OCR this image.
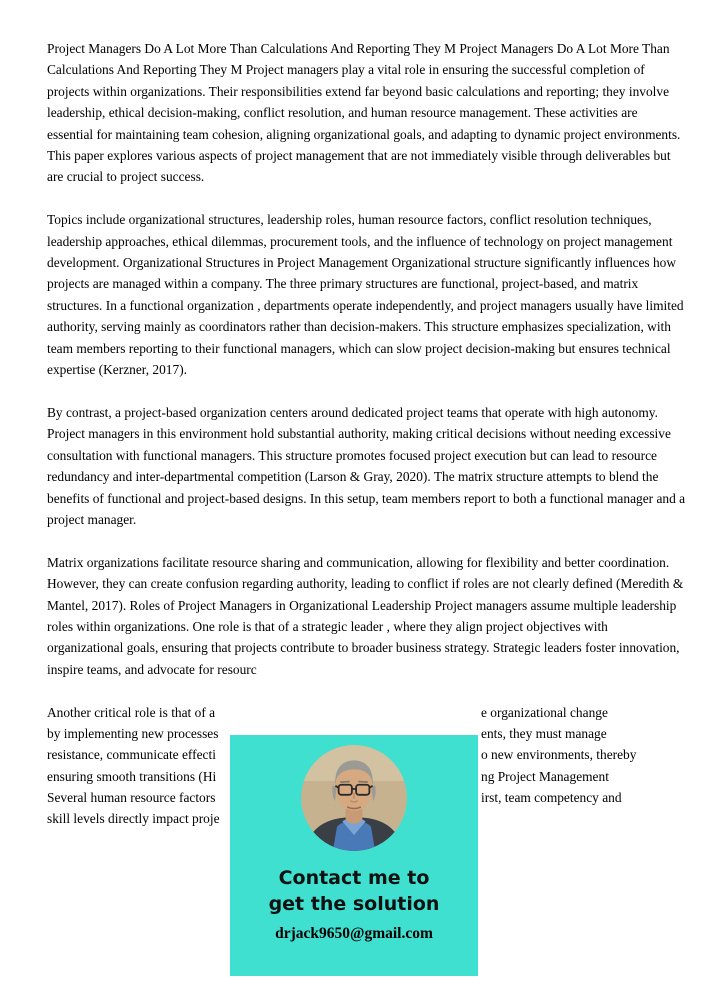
Project Managers Do A Lot More Than Calculations And Reporting They M Project Managers Do A Lot More Than Calculations And Reporting They M Project managers play a vital role in ensuring the successful completion of projects within organizations. Their responsibilities extend far beyond basic calculations and reporting; they involve leadership, ethical decision-making, conflict resolution, and human resource management. These activities are essential for maintaining team cohesion, aligning organizational goals, and adapting to dynamic project environments. This paper explores various aspects of project management that are not immediately visible through deliverables but are crucial to project success.

Topics include organizational structures, leadership roles, human resource factors, conflict resolution techniques, leadership approaches, ethical dilemmas, procurement tools, and the influence of technology on project management development. Organizational Structures in Project Management Organizational structure significantly influences how projects are managed within a company. The three primary structures are functional, project-based, and matrix structures. In a functional organization , departments operate independently, and project managers usually have limited authority, serving mainly as coordinators rather than decision-makers. This structure emphasizes specialization, with team members reporting to their functional managers, which can slow project decision-making but ensures technical expertise (Kerzner, 2017).

By contrast, a project-based organization centers around dedicated project teams that operate with high autonomy. Project managers in this environment hold substantial authority, making critical decisions without needing excessive consultation with functional managers. This structure promotes focused project execution but can lead to resource redundancy and inter-departmental competition (Larson & Gray, 2020). The matrix structure attempts to blend the benefits of functional and project-based designs. In this setup, team members report to both a functional manager and a project manager.

Matrix organizations facilitate resource sharing and communication, allowing for flexibility and better coordination. However, they can create confusion regarding authority, leading to conflict if roles are not clearly defined (Meredith & Mantel, 2017). Roles of Project Managers in Organizational Leadership Project managers assume multiple leadership roles within organizations. One role is that of a strategic leader , where they align project objectives with organizational goals, ensuring that projects contribute to broader business strategy. Strategic leaders foster innovation, inspire teams, and advocate for resourc

Another critical role is that of a	e organizational change
by implementing new processes	ents, they must manage
resistance, communicate effecti	o new environments, thereby
ensuring smooth transitions (Hi	ng Project Management
Several human resource factors	irst, team competency and
skill levels directly impact proje
Contact me to
get the solution
drjack9650@gmail.com
